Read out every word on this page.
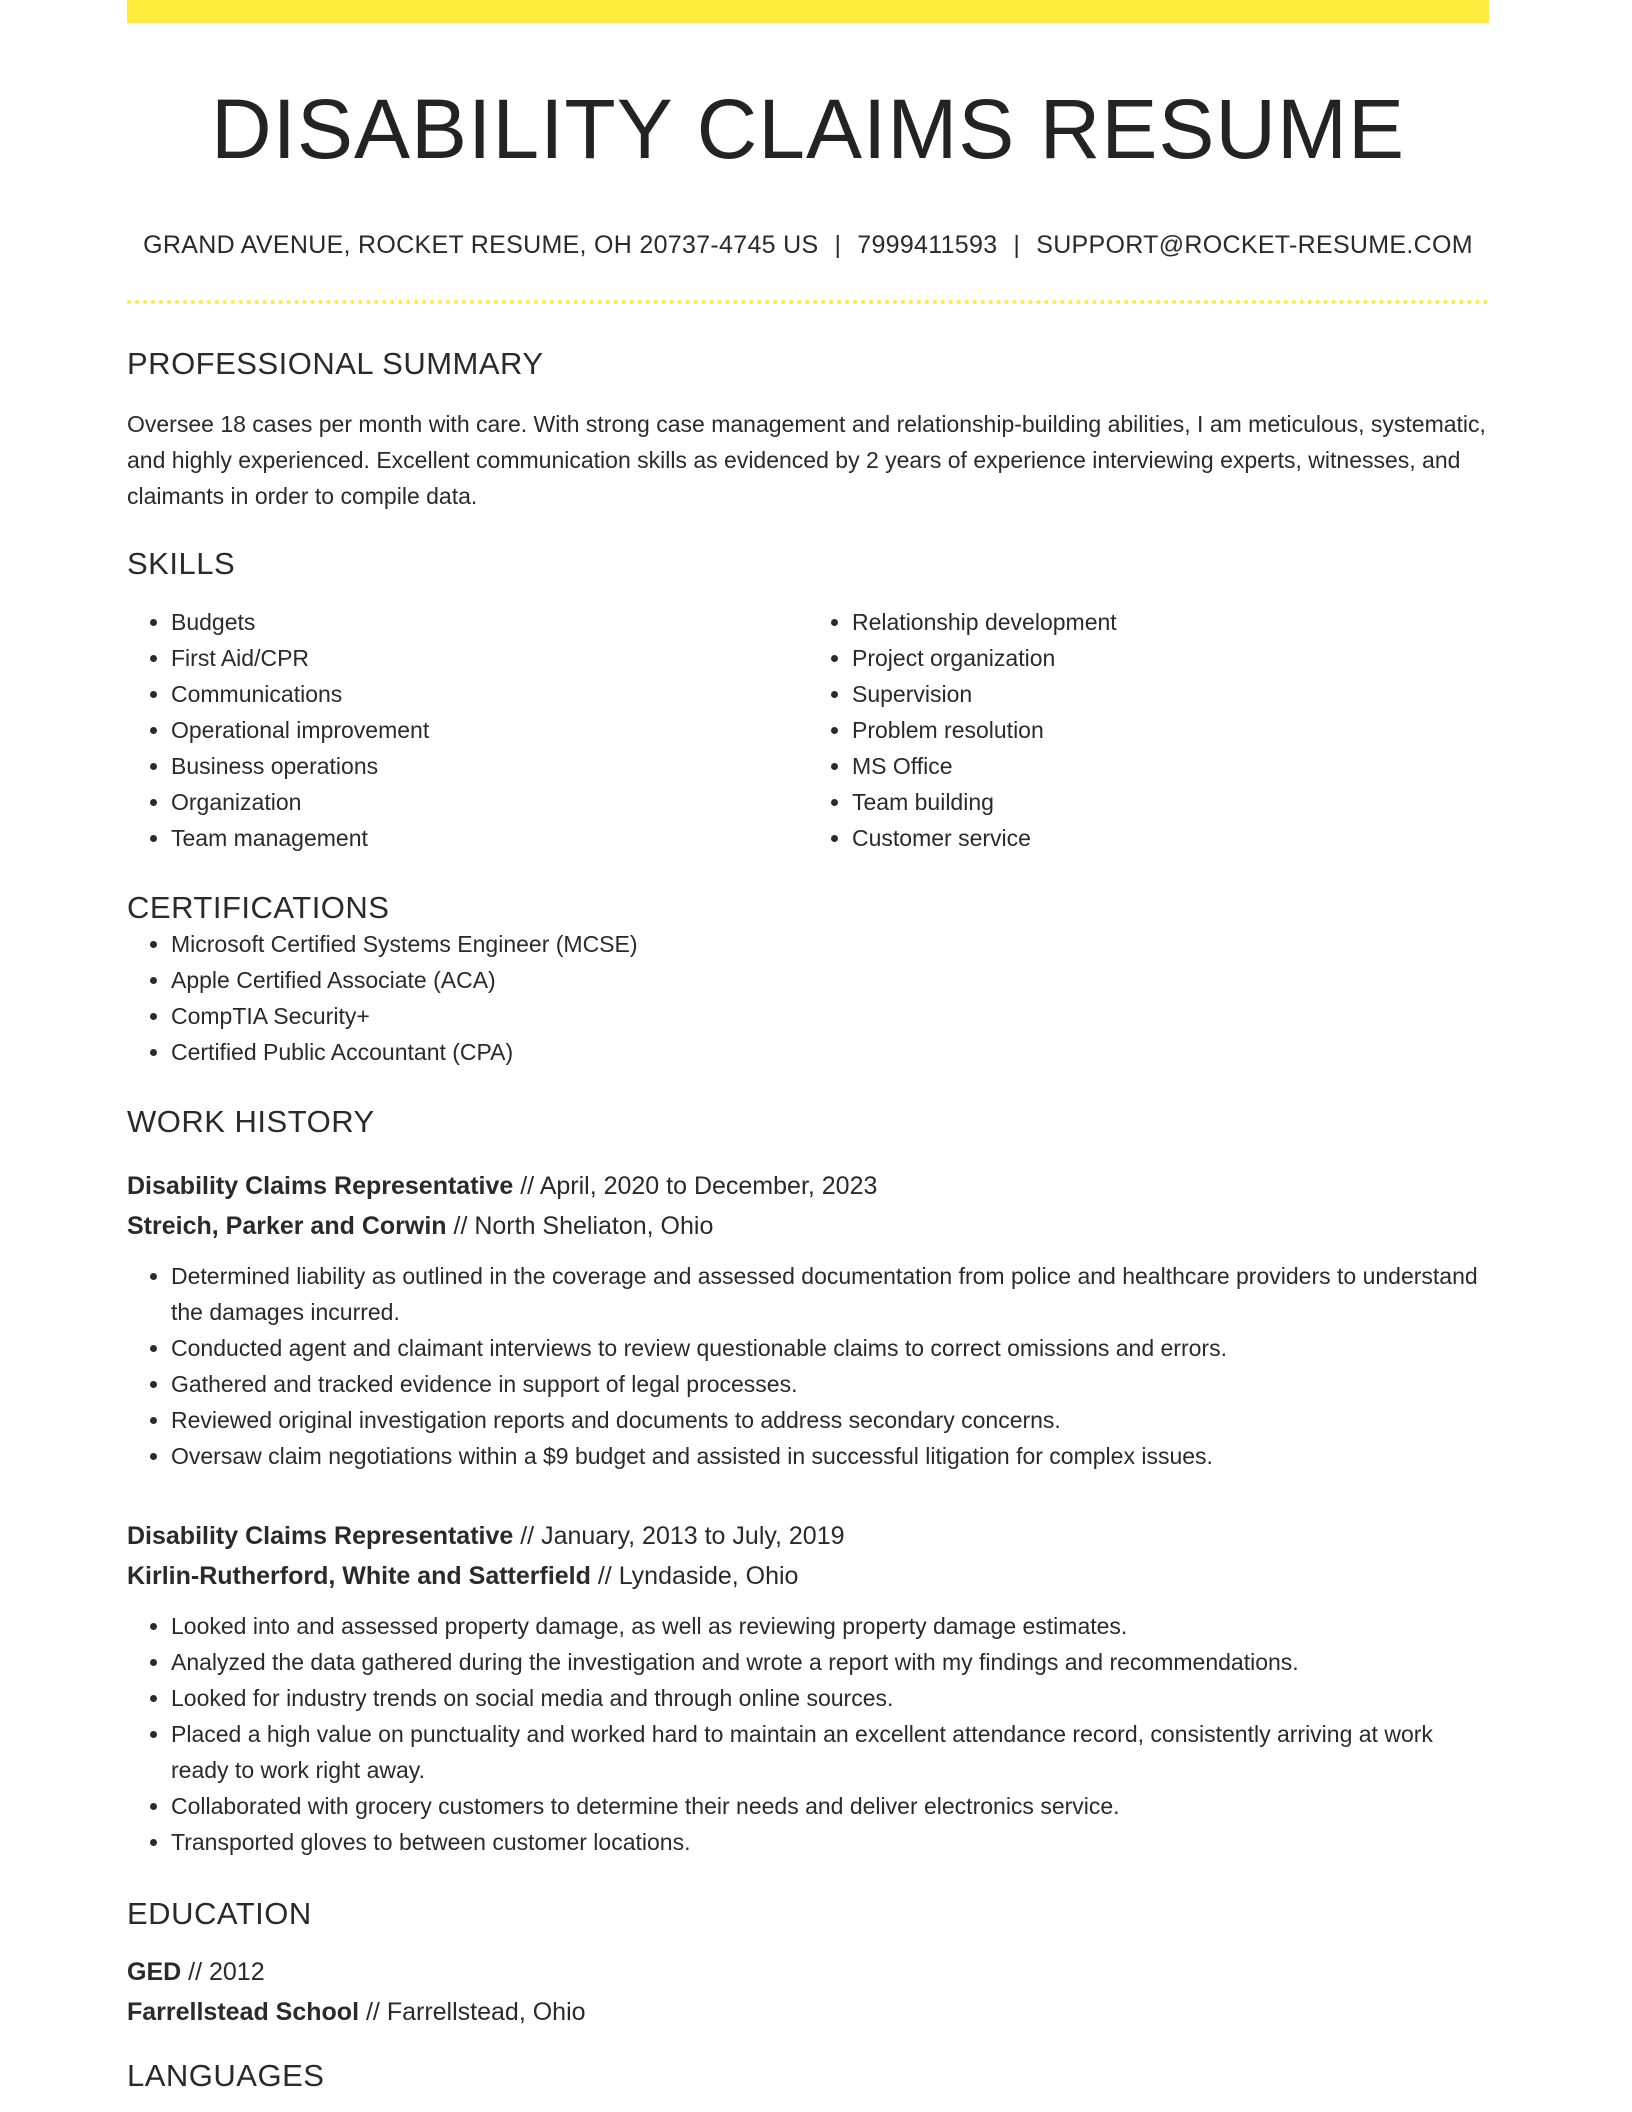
DISABILITY CLAIMS RESUME
GRAND AVENUE, ROCKET RESUME, OH 20737-4745 US | 7999411593 | SUPPORT@ROCKET-RESUME.COM
PROFESSIONAL SUMMARY
Oversee 18 cases per month with care. With strong case management and relationship-building abilities, I am meticulous, systematic, and highly experienced. Excellent communication skills as evidenced by 2 years of experience interviewing experts, witnesses, and claimants in order to compile data.
SKILLS
• Budgets
• First Aid/CPR
• Communications
• Operational improvement
• Business operations
• Organization
• Team management
• Relationship development
• Project organization
• Supervision
• Problem resolution
• MS Office
• Team building
• Customer service
CERTIFICATIONS
• Microsoft Certified Systems Engineer (MCSE)
• Apple Certified Associate (ACA)
• CompTIA Security+
• Certified Public Accountant (CPA)
WORK HISTORY
Disability Claims Representative // April, 2020 to December, 2023
Streich, Parker and Corwin // North Sheliaton, Ohio
• Determined liability as outlined in the coverage and assessed documentation from police and healthcare providers to understand the damages incurred.
• Conducted agent and claimant interviews to review questionable claims to correct omissions and errors.
• Gathered and tracked evidence in support of legal processes.
• Reviewed original investigation reports and documents to address secondary concerns.
• Oversaw claim negotiations within a $9 budget and assisted in successful litigation for complex issues.
Disability Claims Representative // January, 2013 to July, 2019
Kirlin-Rutherford, White and Satterfield // Lyndaside, Ohio
• Looked into and assessed property damage, as well as reviewing property damage estimates.
• Analyzed the data gathered during the investigation and wrote a report with my findings and recommendations.
• Looked for industry trends on social media and through online sources.
• Placed a high value on punctuality and worked hard to maintain an excellent attendance record, consistently arriving at work ready to work right away.
• Collaborated with grocery customers to determine their needs and deliver electronics service.
• Transported gloves to between customer locations.
EDUCATION
GED // 2012
Farrellstead School // Farrellstead, Ohio
LANGUAGES
